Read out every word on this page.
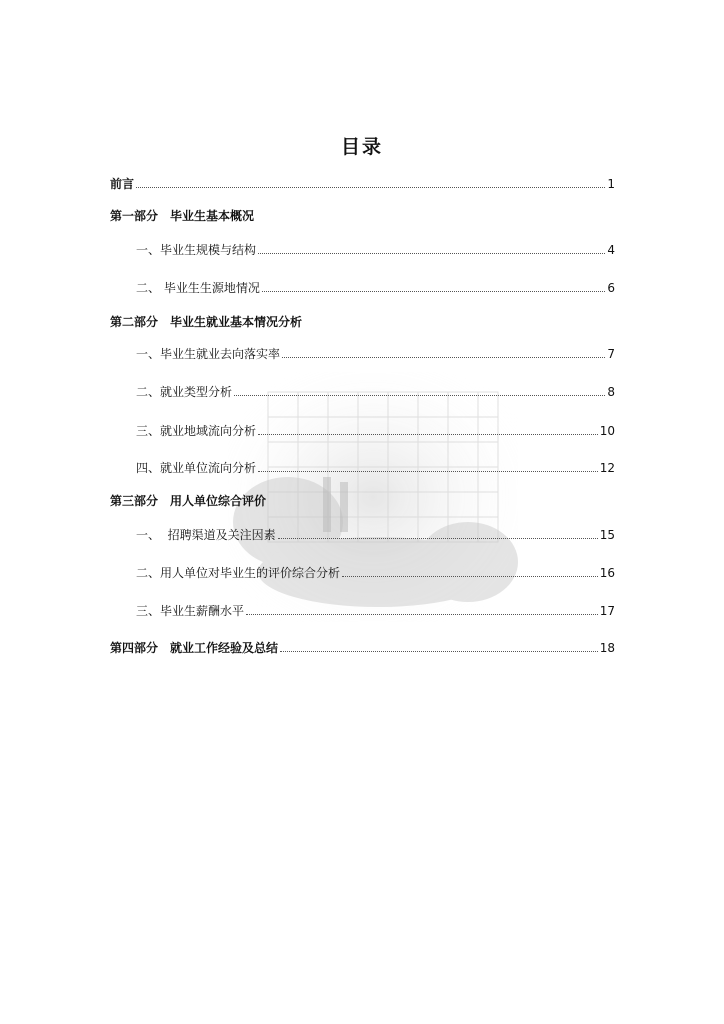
目录
前言	1
第一部分　毕业生基本概况
一、毕业生规模与结构	4
二、 毕业生生源地情况	6
第二部分　毕业生就业基本情况分析
一、毕业生就业去向落实率	7
二、就业类型分析	8
三、就业地域流向分析	10
四、就业单位流向分析	12
第三部分　用人单位综合评价
一、  招聘渠道及关注因素	15
二、用人单位对毕业生的评价综合分析	16
三、毕业生薪酬水平	17
第四部分　就业工作经验及总结	18
